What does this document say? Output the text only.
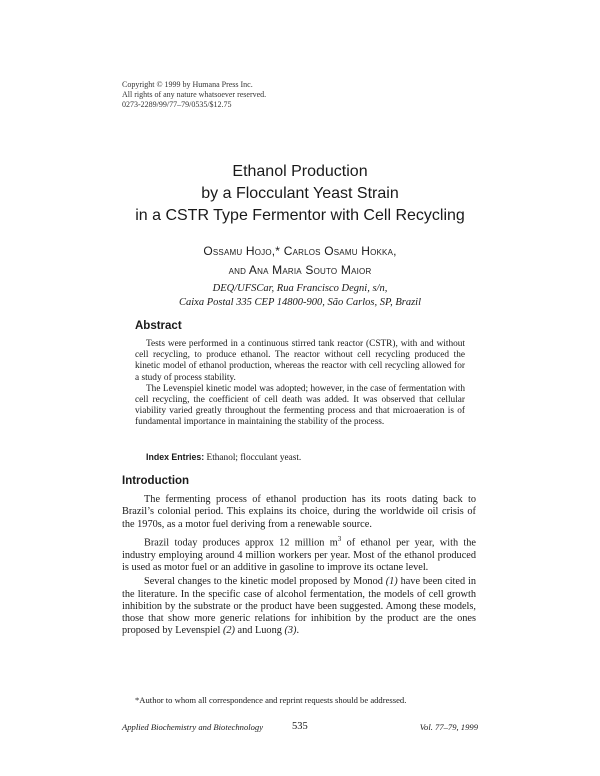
Copyright © 1999 by Humana Press Inc.
All rights of any nature whatsoever reserved.
0273-2289/99/77–79/0535/$12.75
Ethanol Production
by a Flocculant Yeast Strain
in a CSTR Type Fermentor with Cell Recycling
Ossamu Hojo,* Carlos Osamu Hokka,
and Ana Maria Souto Maior
DEQ/UFSCar, Rua Francisco Degni, s/n,
Caixa Postal 335 CEP 14800-900, São Carlos, SP, Brazil
Abstract

Tests were performed in a continuous stirred tank reactor (CSTR), with and without cell recycling, to produce ethanol. The reactor without cell recycling produced the kinetic model of ethanol production, whereas the reactor with cell recycling allowed for a study of process stability.

The Levenspiel kinetic model was adopted; however, in the case of fermentation with cell recycling, the coefficient of cell death was added. It was observed that cellular viability varied greatly throughout the fermenting process and that microaeration is of fundamental importance in maintaining the stability of the process.

Index Entries: Ethanol; flocculant yeast.
Introduction

The fermenting process of ethanol production has its roots dating back to Brazil’s colonial period. This explains its choice, during the worldwide oil crisis of the 1970s, as a motor fuel deriving from a renewable source.

Brazil today produces approx 12 million $m^3$ of ethanol per year, with the industry employing around 4 million workers per year. Most of the ethanol produced is used as motor fuel or an additive in gasoline to improve its octane level.

Several changes to the kinetic model proposed by Monod (1) have been cited in the literature. In the specific case of alcohol fermentation, the models of cell growth inhibition by the substrate or the product have been suggested. Among these models, those that show more generic relations for inhibition by the product are the ones proposed by Levenspiel (2) and Luong (3).

*Author to whom all correspondence and reprint requests should be addressed.
Applied Biochemistry and Biotechnology	535	Vol. 77–79, 1999
